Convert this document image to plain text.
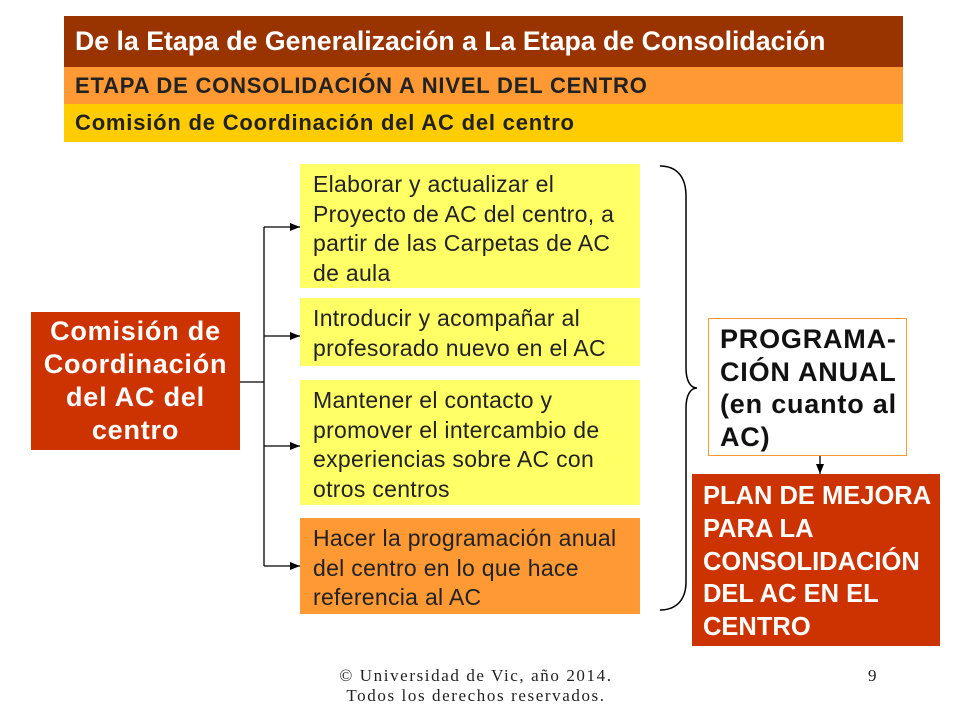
De la Etapa de Generalización a La Etapa de Consolidación
ETAPA DE CONSOLIDACIÓN A NIVEL DEL CENTRO
Comisión de Coordinación del AC del centro
Comisión de
Coordinación
del AC del
centro
Elaborar y actualizar el
Proyecto de AC del centro, a
partir de las Carpetas de AC
de aula
Introducir y acompañar al
profesorado nuevo en el AC
Mantener el contacto y
promover el intercambio de
experiencias sobre AC con
otros centros
Hacer la programación anual
del centro en lo que hace
referencia al AC
PROGRAMA-
CIÓN ANUAL
(en cuanto al
AC)
PLAN DE MEJORA
PARA LA
CONSOLIDACIÓN
DEL AC EN EL
CENTRO
© Universidad de Vic, año 2014.
Todos los derechos reservados.
9
